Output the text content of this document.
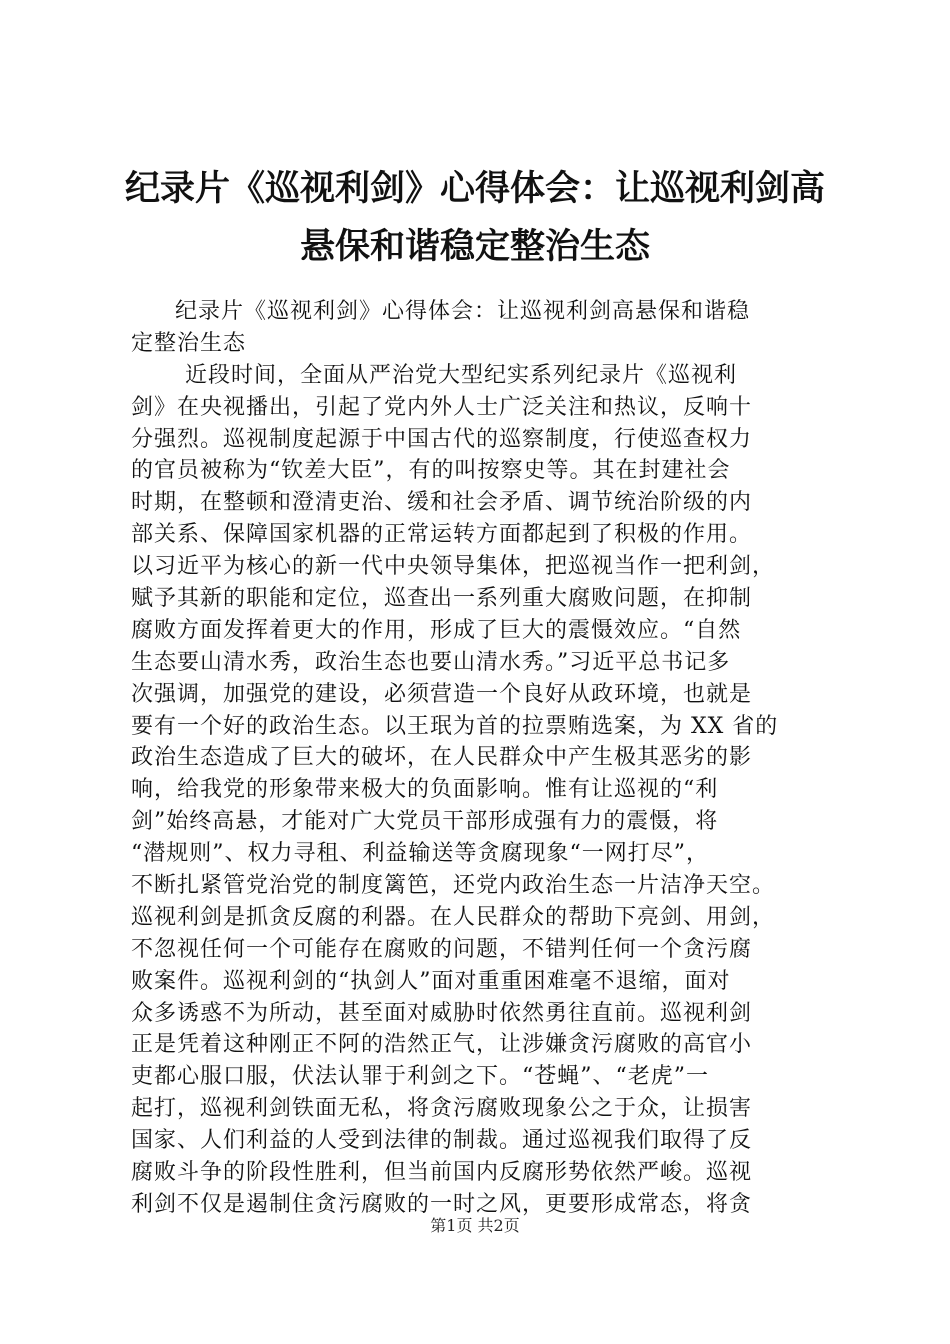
纪录片《巡视利剑》心得体会：让巡视利剑高
悬保和谐稳定整治生态
纪录片《巡视利剑》心得体会：让巡视利剑高悬保和谐稳
定整治生态
近段时间，全面从严治党大型纪实系列纪录片《巡视利
剑》在央视播出，引起了党内外人士广泛关注和热议，反响十
分强烈。巡视制度起源于中国古代的巡察制度，行使巡查权力
的官员被称为“钦差大臣”，有的叫按察史等。其在封建社会
时期，在整顿和澄清吏治、缓和社会矛盾、调节统治阶级的内
部关系、保障国家机器的正常运转方面都起到了积极的作用。
以习近平为核心的新一代中央领导集体，把巡视当作一把利剑，
赋予其新的职能和定位，巡查出一系列重大腐败问题，在抑制
腐败方面发挥着更大的作用，形成了巨大的震慑效应。“自然
生态要山清水秀，政治生态也要山清水秀。”习近平总书记多
次强调，加强党的建设，必须营造一个良好从政环境，也就是
要有一个好的政治生态。以王珉为首的拉票贿选案，为 XX 省的
政治生态造成了巨大的破坏，在人民群众中产生极其恶劣的影
响，给我党的形象带来极大的负面影响。惟有让巡视的“利
剑”始终高悬，才能对广大党员干部形成强有力的震慑，将
“潜规则”、权力寻租、利益输送等贪腐现象“一网打尽”，
不断扎紧管党治党的制度篱笆，还党内政治生态一片洁净天空。
巡视利剑是抓贪反腐的利器。在人民群众的帮助下亮剑、用剑，
不忽视任何一个可能存在腐败的问题，不错判任何一个贪污腐
败案件。巡视利剑的“执剑人”面对重重困难毫不退缩，面对
众多诱惑不为所动，甚至面对威胁时依然勇往直前。巡视利剑
正是凭着这种刚正不阿的浩然正气，让涉嫌贪污腐败的高官小
吏都心服口服，伏法认罪于利剑之下。“苍蝇”、“老虎”一
起打，巡视利剑铁面无私，将贪污腐败现象公之于众，让损害
国家、人们利益的人受到法律的制裁。通过巡视我们取得了反
腐败斗争的阶段性胜利，但当前国内反腐形势依然严峻。巡视
利剑不仅是遏制住贪污腐败的一时之风，更要形成常态，将贪
第1页 共2页
